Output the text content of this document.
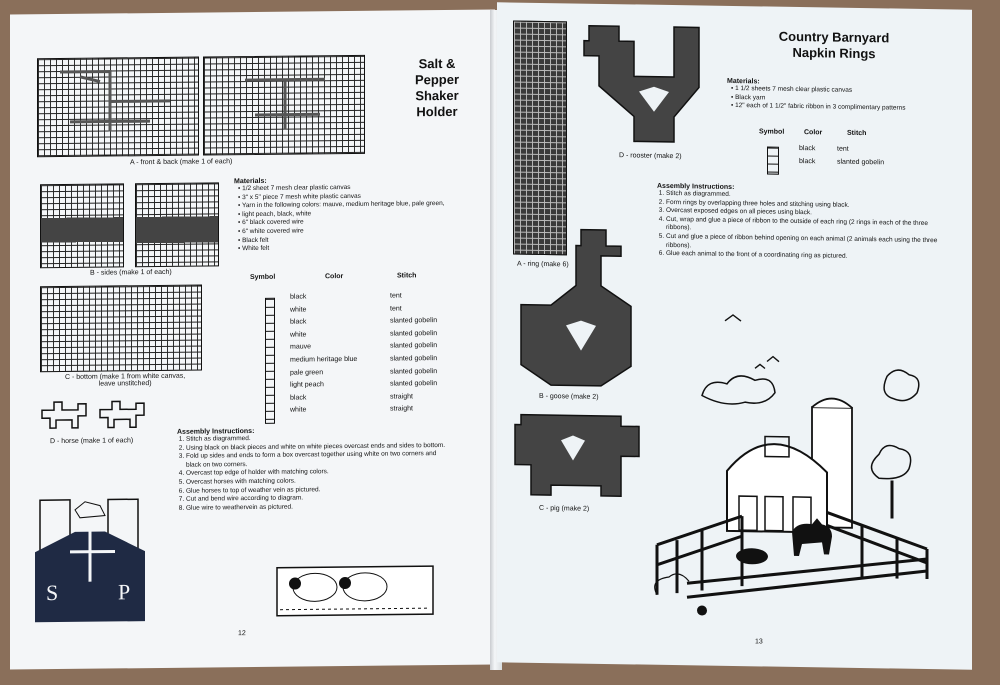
A - front & back (make 1 of each)
Salt &
Pepper
Shaker
Holder
B - sides (make 1 of each)
Materials:
• 1/2 sheet 7 mesh clear plastic canvas
• 3" x 5" piece 7 mesh white plastic canvas
• Yarn in the following colors: mauve, medium heritage blue, pale green,
• light peach, black, white
• 6" black covered wire
• 6" white covered wire
• Black felt
• White felt
C - bottom (make 1 from white canvas,
leave unstitched)
D - horse (make 1 of each)
Symbol	Color	Stitch
black	tent
white	tent
black	slanted gobelin
white	slanted gobelin
mauve	slanted gobelin
medium heritage blue	slanted gobelin
pale green	slanted gobelin
light peach	slanted gobelin
black	straight
white	straight
Assembly Instructions:
1. Stitch as diagrammed.
2. Using black on black pieces and white on white pieces overcast ends and sides to bottom.
3. Fold up sides and ends to form a box overcast together using white on two corners and black on two corners.
4. Overcast top edge of holder with matching colors.
5. Overcast horses with matching colors.
6. Glue horses to top of weather vein as pictured.
7. Cut and bend wire according to diagram.
8. Glue wire to weathervein as pictured.
S	P
12
A - ring (make 6)
D - rooster (make 2)
Country Barnyard
Napkin Rings
Materials:
• 1 1/2 sheets 7 mesh clear plastic canvas
• Black yarn
• 12" each of 1 1/2" fabric ribbon in 3 complimentary patterns
Symbol	Color	Stitch
black	tent
black	slanted gobelin
Assembly Instructions:
1. Stitch as diagrammed.
2. Form rings by overlapping three holes and stitching using black.
3. Overcast exposed edges on all pieces using black.
4. Cut, wrap and glue a piece of ribbon to the outside of each ring (2 rings in each of the three ribbons).
5. Cut and glue a piece of ribbon behind opening on each animal (2 animals each using the three ribbons).
6. Glue each animal to the front of a coordinating ring as pictured.
B - goose (make 2)
C - pig (make 2)
13
